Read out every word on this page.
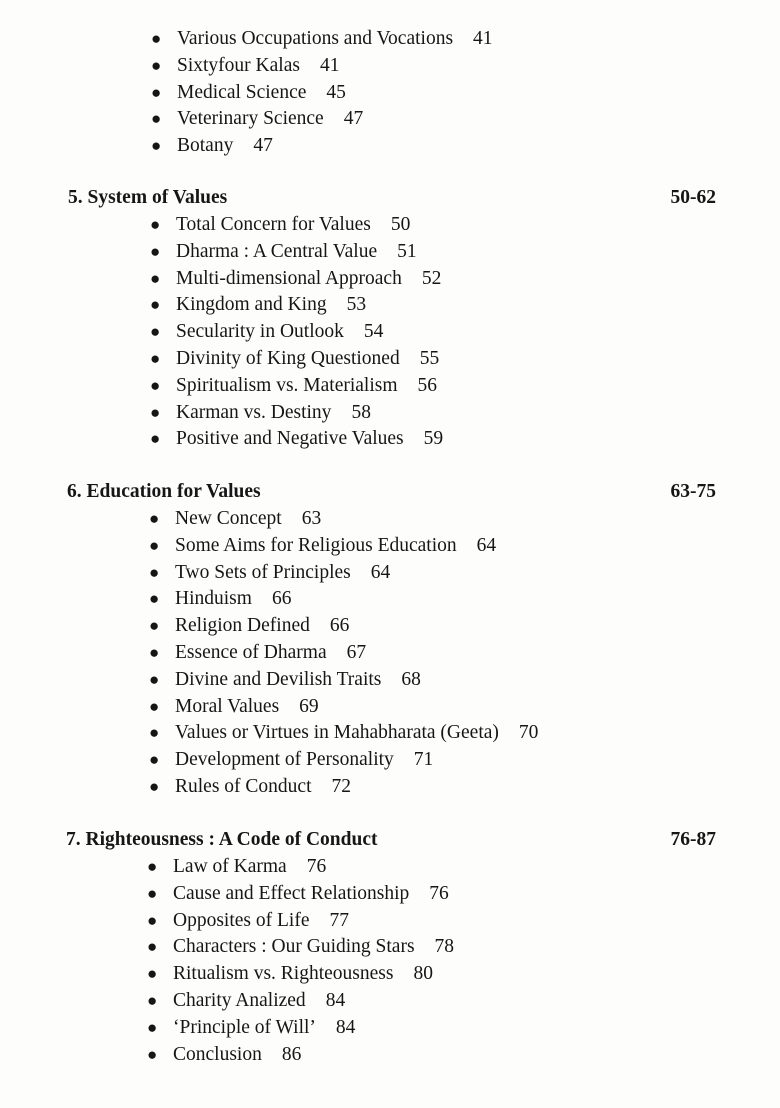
● Various Occupations and Vocations 41
● Sixtyfour Kalas 41
● Medical Science 45
● Veterinary Science 47
● Botany 47
5. System of Values	50-62
● Total Concern for Values 50
● Dharma : A Central Value 51
● Multi-dimensional Approach 52
● Kingdom and King 53
● Secularity in Outlook 54
● Divinity of King Questioned 55
● Spiritualism vs. Materialism 56
● Karman vs. Destiny 58
● Positive and Negative Values 59
6. Education for Values	63-75
● New Concept 63
● Some Aims for Religious Education 64
● Two Sets of Principles 64
● Hinduism 66
● Religion Defined 66
● Essence of Dharma 67
● Divine and Devilish Traits 68
● Moral Values 69
● Values or Virtues in Mahabharata (Geeta) 70
● Development of Personality 71
● Rules of Conduct 72
7. Righteousness : A Code of Conduct	76-87
● Law of Karma 76
● Cause and Effect Relationship 76
● Opposites of Life 77
● Characters : Our Guiding Stars 78
● Ritualism vs. Righteousness 80
● Charity Analized 84
● ‘Principle of Will’ 84
● Conclusion 86
